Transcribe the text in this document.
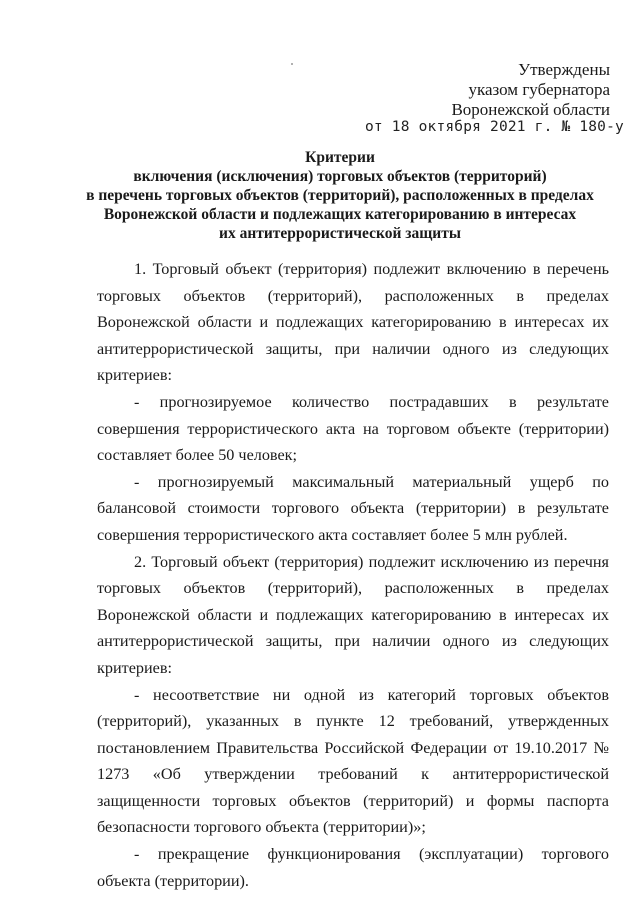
Утверждены
указом губернатора
Воронежской области
от 18 октября 2021 г. № 180-у
Критерии
включения (исключения) торговых объектов (территорий)
в перечень торговых объектов (территорий), расположенных в пределах
Воронежской области и подлежащих категорированию в интересах
их антитеррористической защиты

1. Торговый объект (территория) подлежит включению в перечень торговых объектов (территорий), расположенных в пределах Воронежской области и подлежащих категорированию в интересах их антитеррористической защиты, при наличии одного из следующих критериев:

- прогнозируемое количество пострадавших в результате совершения террористического акта на торговом объекте (территории) составляет более 50 человек;

- прогнозируемый максимальный материальный ущерб по балансовой стоимости торгового объекта (территории) в результате совершения террористического акта составляет более 5 млн рублей.

2. Торговый объект (территория) подлежит исключению из перечня торговых объектов (территорий), расположенных в пределах Воронежской области и подлежащих категорированию в интересах их антитеррористической защиты, при наличии одного из следующих критериев:

- несоответствие ни одной из категорий торговых объектов (территорий), указанных в пункте 12 требований, утвержденных постановлением Правительства Российской Федерации от 19.10.2017 № 1273 «Об утверждении требований к антитеррористической защищенности торговых объектов (территорий) и формы паспорта безопасности торгового объекта (территории)»;

- прекращение функционирования (эксплуатации) торгового объекта (территории).
